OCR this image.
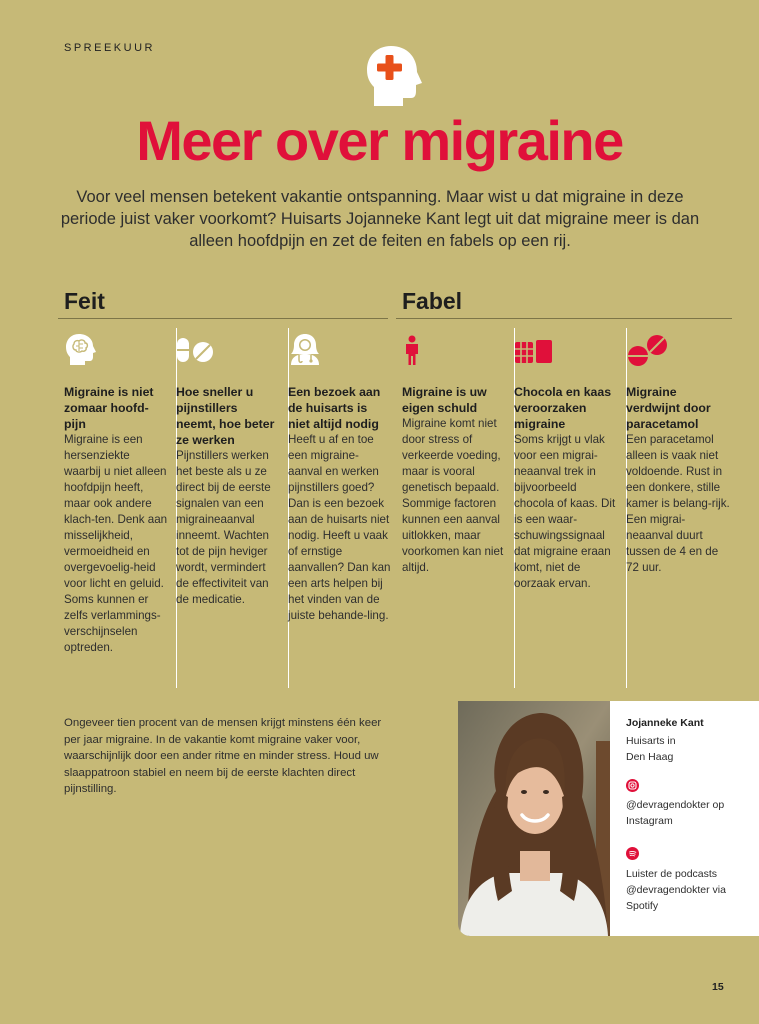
SPREEKUUR
Meer over migraine
Voor veel mensen betekent vakantie ontspanning. Maar wist u dat migraine in deze periode juist vaker voorkomt? Huisarts Jojanneke Kant legt uit dat migraine meer is dan alleen hoofdpijn en zet de feiten en fabels op een rij.
Feit	Fabel
Migraine is niet zomaar hoofd-pijn
Migraine is een hersenziekte waarbij u niet alleen hoofdpijn heeft, maar ook andere klach-ten. Denk aan misselijkheid, vermoeidheid en overgevoelig-heid voor licht en geluid. Soms kunnen er zelfs verlammings-verschijnselen optreden.
Hoe sneller u pijnstillers neemt, hoe beter ze werken
Pijnstillers werken het beste als u ze direct bij de eerste signalen van een migraineaanval inneemt. Wachten tot de pijn heviger wordt, vermindert de effectiviteit van de medicatie.
Een bezoek aan de huisarts is niet altijd nodig
Heeft u af en toe een migraine-aanval en werken pijnstillers goed? Dan is een bezoek aan de huisarts niet nodig. Heeft u vaak of ernstige aanvallen? Dan kan een arts helpen bij het vinden van de juiste behande-ling.
Migraine is uw eigen schuld
Migraine komt niet door stress of verkeerde voeding, maar is vooral genetisch bepaald. Sommige factoren kunnen een aanval uitlokken, maar voorkomen kan niet altijd.
Chocola en kaas veroorzaken migraine
Soms krijgt u vlak voor een migrai-neaanval trek in bijvoorbeeld chocola of kaas. Dit is een waar-schuwingssignaal dat migraine eraan komt, niet de oorzaak ervan.
Migraine verdwijnt door paracetamol
Een paracetamol alleen is vaak niet voldoende. Rust in een donkere, stille kamer is belang-rijk. Een migrai-neaanval duurt tussen de 4 en de 72 uur.
Ongeveer tien procent van de mensen krijgt minstens één keer per jaar migraine. In de vakantie komt migraine vaker voor, waarschijnlijk door een ander ritme en minder stress. Houd uw slaappatroon stabiel en neem bij de eerste klachten direct pijnstilling.
Jojanneke Kant
Huisarts in Den Haag
@devragendokter op Instagram
Luister de podcasts @devragendokter via Spotify
15
